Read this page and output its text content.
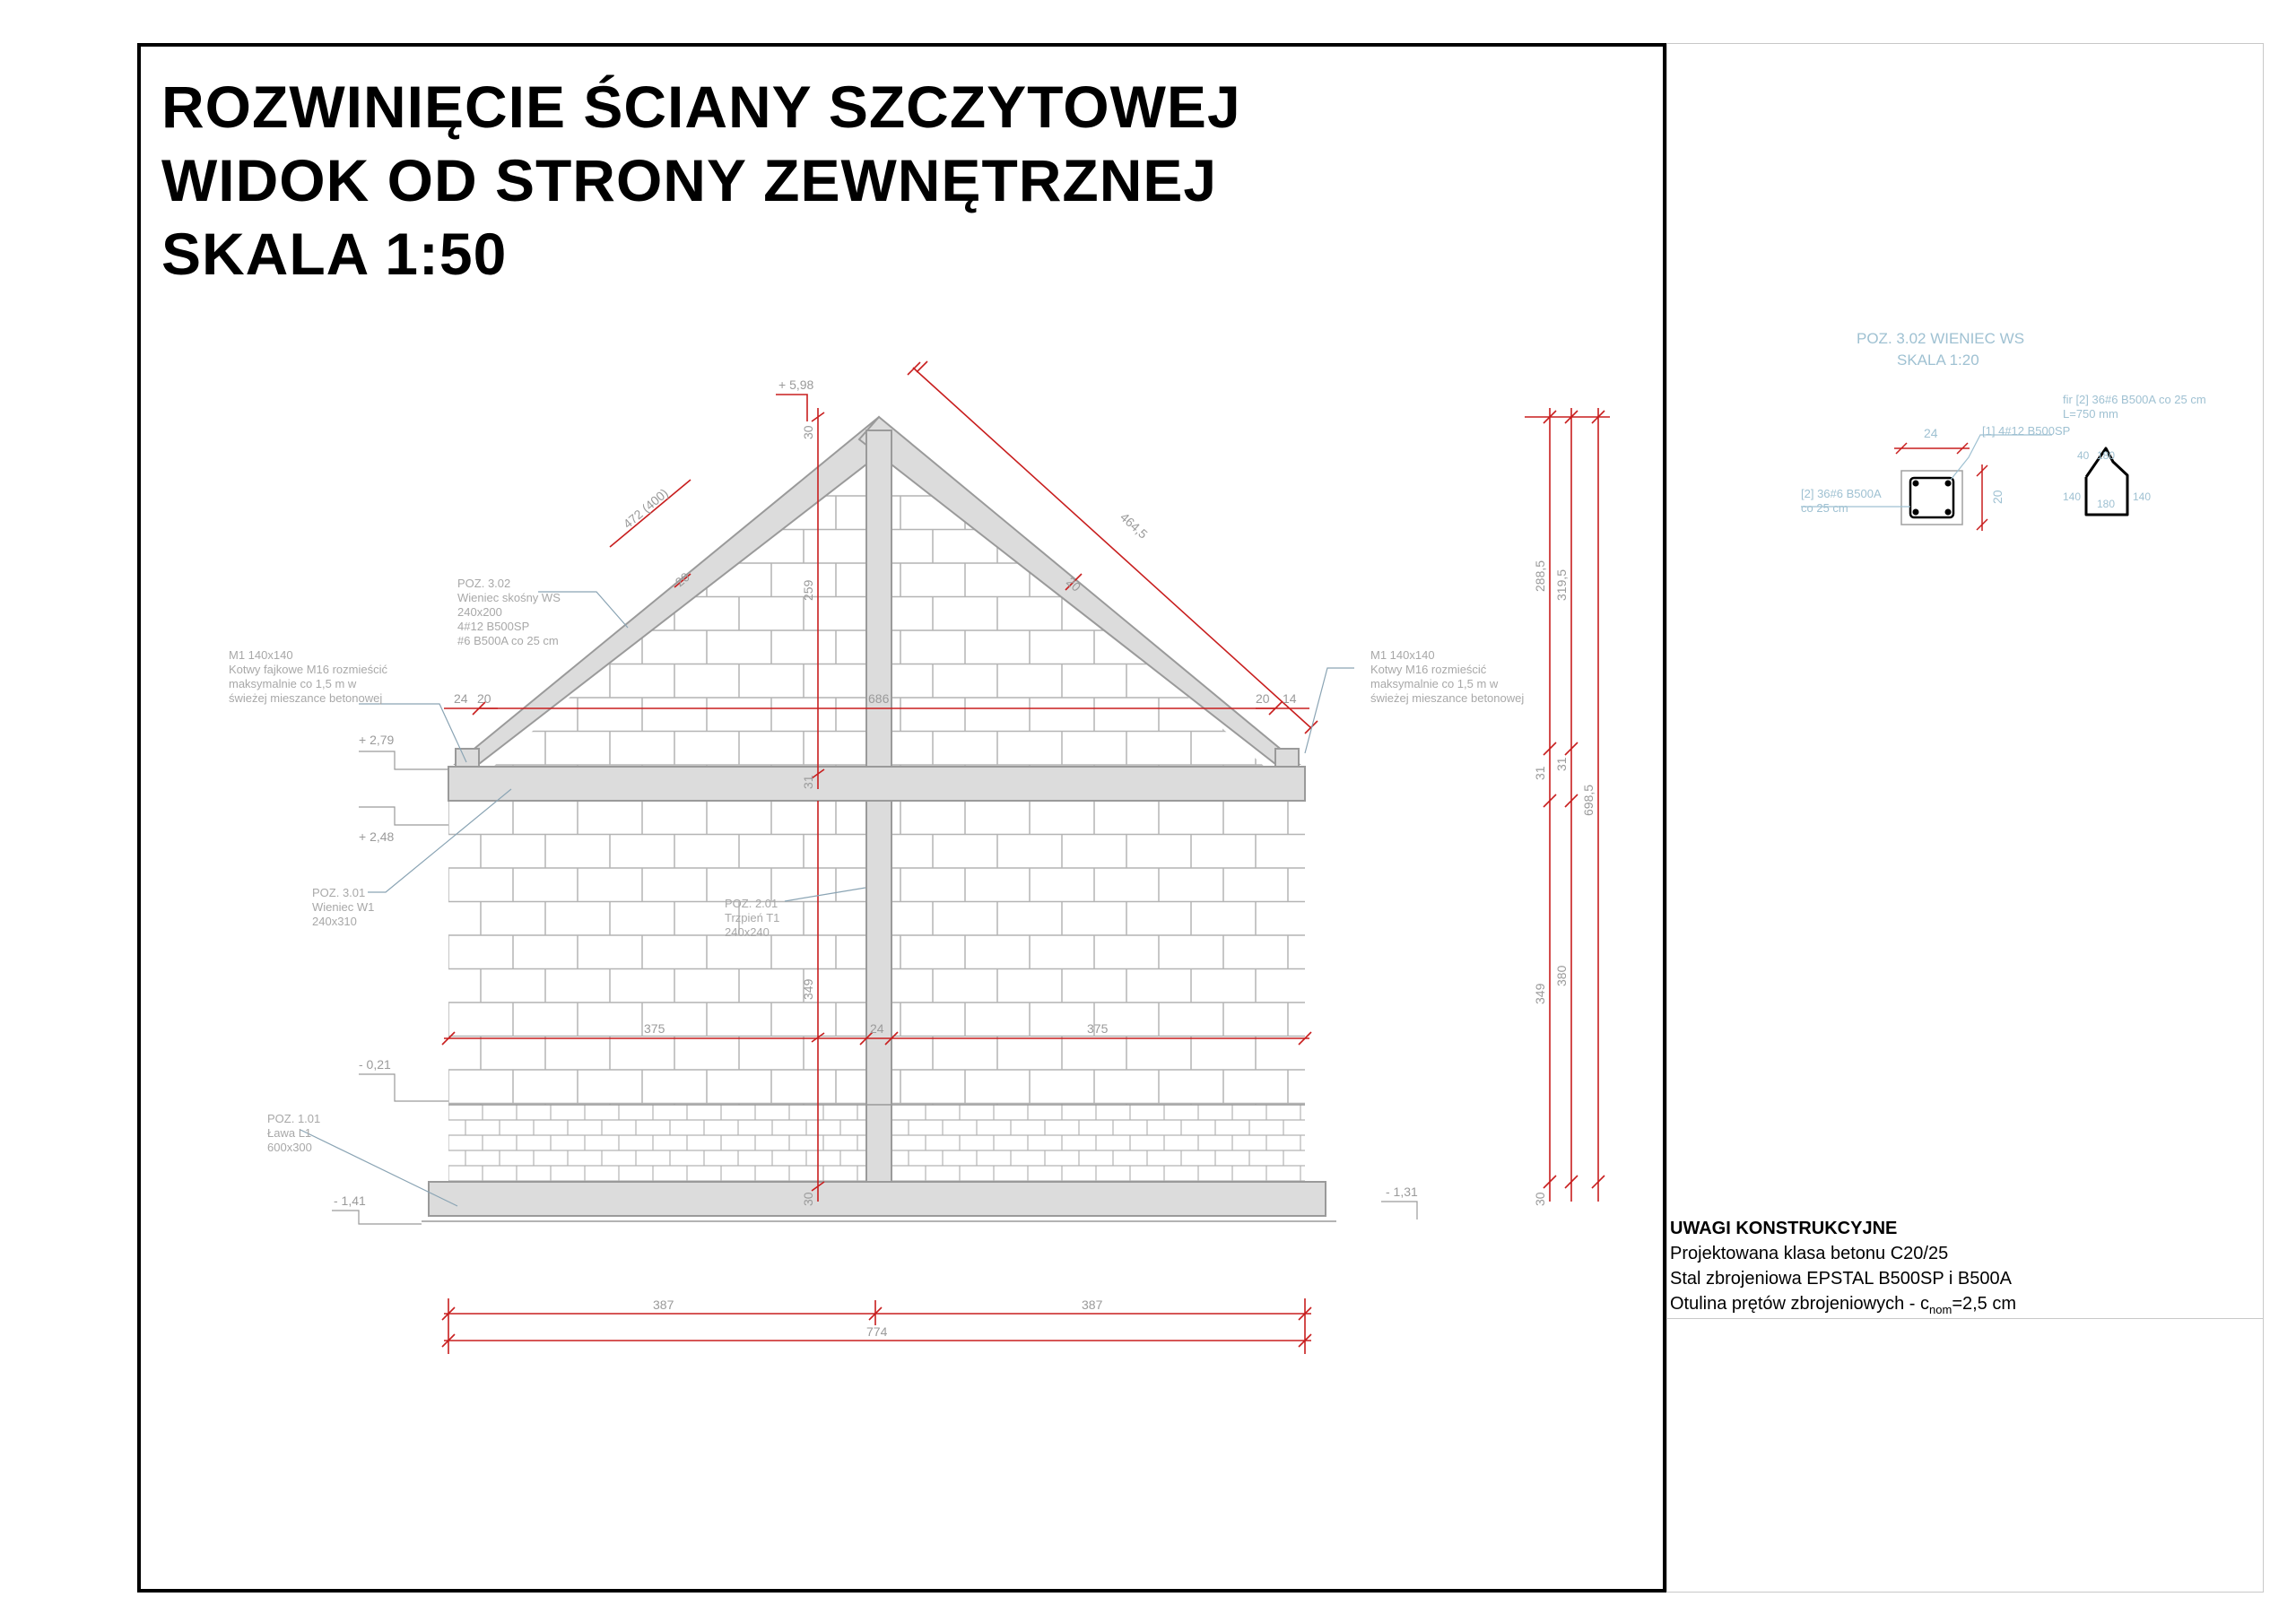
ROZWINIĘCIE ŚCIANY SZCZYTOWEJ
WIDOK OD STRONY ZEWNĘTRZNEJ
SKALA 1:50
+ 5,98
+ 2,79
+ 2,48
- 0,21
- 1,41
- 1,31
472 (400)	464,5
259
349
31
30
30
686
20	20
24 20	20 14
375	375
24
387	387
774
288,5
31
349
30
319,5
31
380
698,5
POZ. 3.02
Wieniec skośny WS
240x200
4#12 B500SP
#6 B500A co 25 cm
M1 140x140
Kotwy fajkowe M16 rozmieścić
maksymalnie co 1,5 m w
świeżej mieszance betonowej
M1 140x140
Kotwy M16 rozmieścić
maksymalnie co 1,5 m w
świeżej mieszance betonowej
POZ. 3.01
Wieniec W1
240x310
POZ. 2.01
Trzpień T1
240x240
POZ. 1.01
Ława L1
600x300
POZ. 3.02 WIENIEC WS
SKALA 1:20
24
20
[1] 4#12 B500SP
[2] 36#6 B500A
co 25 cm
fir [2] 36#6 B500A co 25 cm
L=750 mm
180
40
140	140
180
UWAGI KONSTRUKCYJNE
Projektowana klasa betonu C20/25
Stal zbrojeniowa EPSTAL B500SP i B500A
Otulina prętów zbrojeniowych - $c_{nom}=2,5$ cm
